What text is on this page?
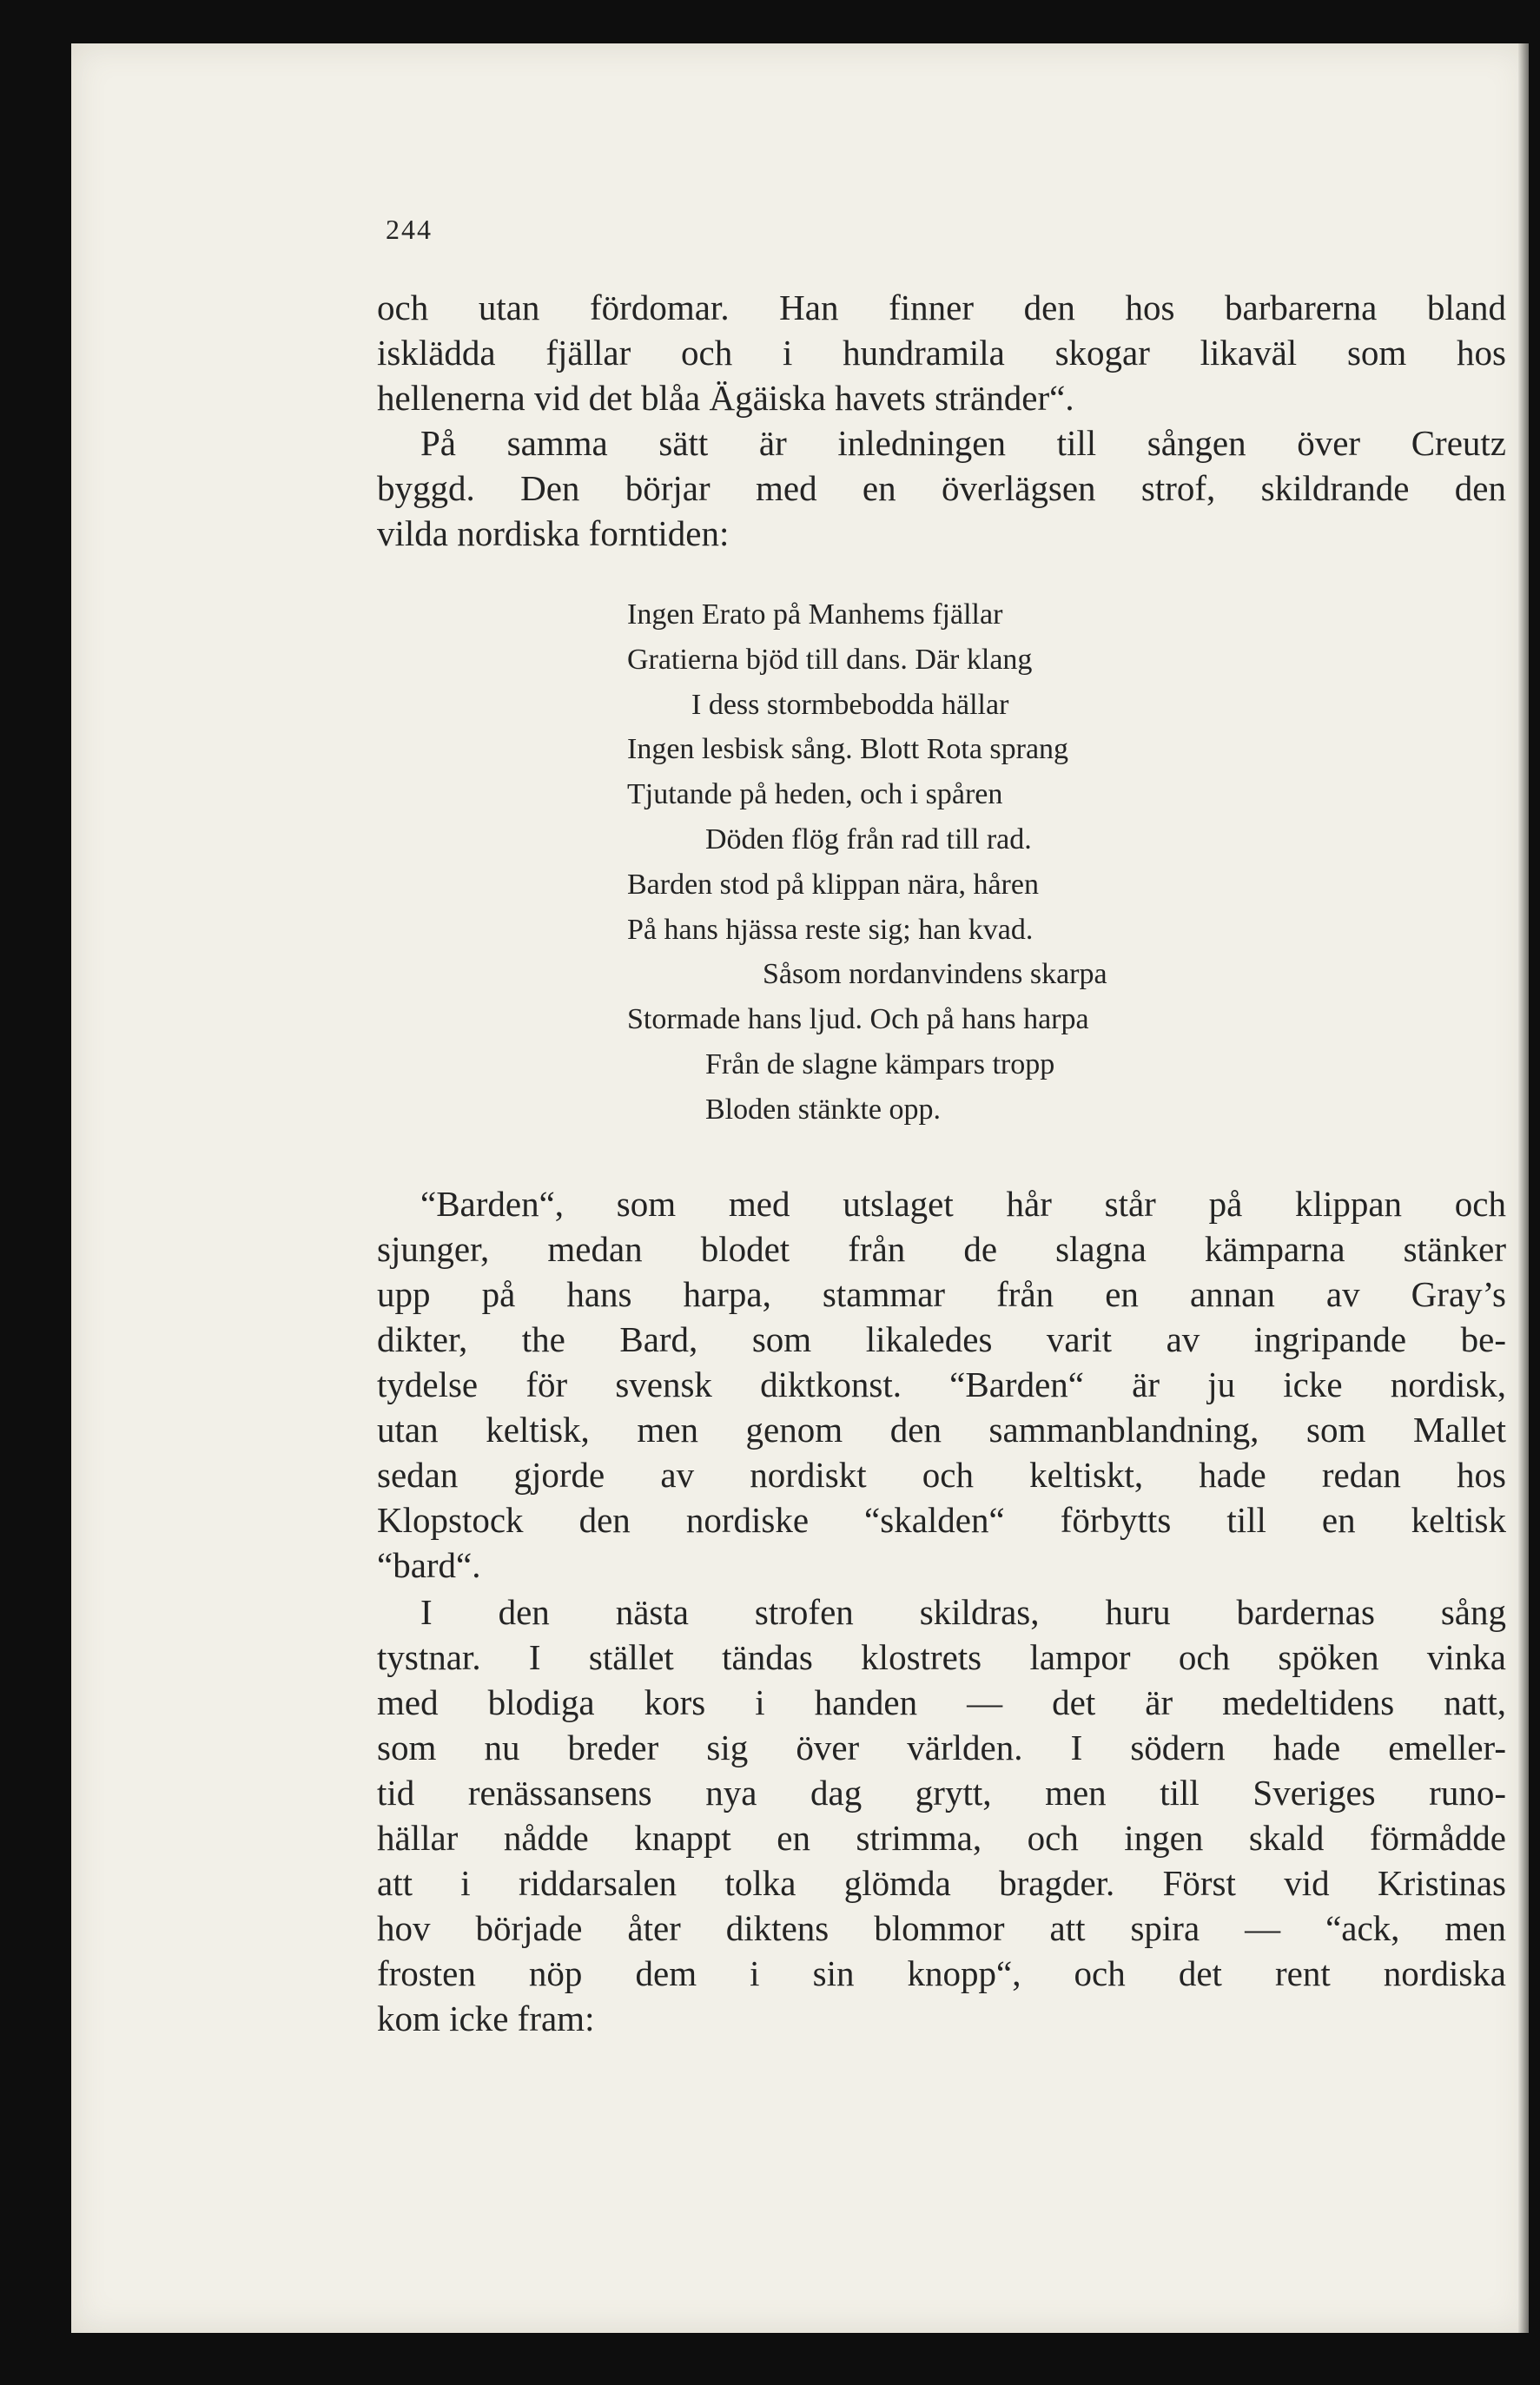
244
och utan fördomar. Han finner den hos barbarerna bland
isklädda fjällar och i hundramila skogar likaväl som hos
hellenerna vid det blåa Ägäiska havets stränder“.
På samma sätt är inledningen till sången över Creutz
byggd. Den börjar med en överlägsen strof, skildrande den
vilda nordiska forntiden:
Ingen Erato på Manhems fjällar
Gratierna bjöd till dans. Där klang
I dess stormbebodda hällar
Ingen lesbisk sång. Blott Rota sprang
Tjutande på heden, och i spåren
Döden flög från rad till rad.
Barden stod på klippan nära, håren
På hans hjässa reste sig; han kvad.
Såsom nordanvindens skarpa
Stormade hans ljud. Och på hans harpa
Från de slagne kämpars tropp
Bloden stänkte opp.
“Barden“, som med utslaget hår står på klippan och
sjunger, medan blodet från de slagna kämparna stänker
upp på hans harpa, stammar från en annan av Gray’s
dikter, the Bard, som likaledes varit av ingripande be-
tydelse för svensk diktkonst. “Barden“ är ju icke nordisk,
utan keltisk, men genom den sammanblandning, som Mallet
sedan gjorde av nordiskt och keltiskt, hade redan hos
Klopstock den nordiske “skalden“ förbytts till en keltisk
“bard“.
I den nästa strofen skildras, huru bardernas sång
tystnar. I stället tändas klostrets lampor och spöken vinka
med blodiga kors i handen — det är medeltidens natt,
som nu breder sig över världen. I södern hade emeller-
tid renässansens nya dag grytt, men till Sveriges runo-
hällar nådde knappt en strimma, och ingen skald förmådde
att i riddarsalen tolka glömda bragder. Först vid Kristinas
hov började åter diktens blommor att spira — “ack, men
frosten nöp dem i sin knopp“, och det rent nordiska
kom icke fram:
